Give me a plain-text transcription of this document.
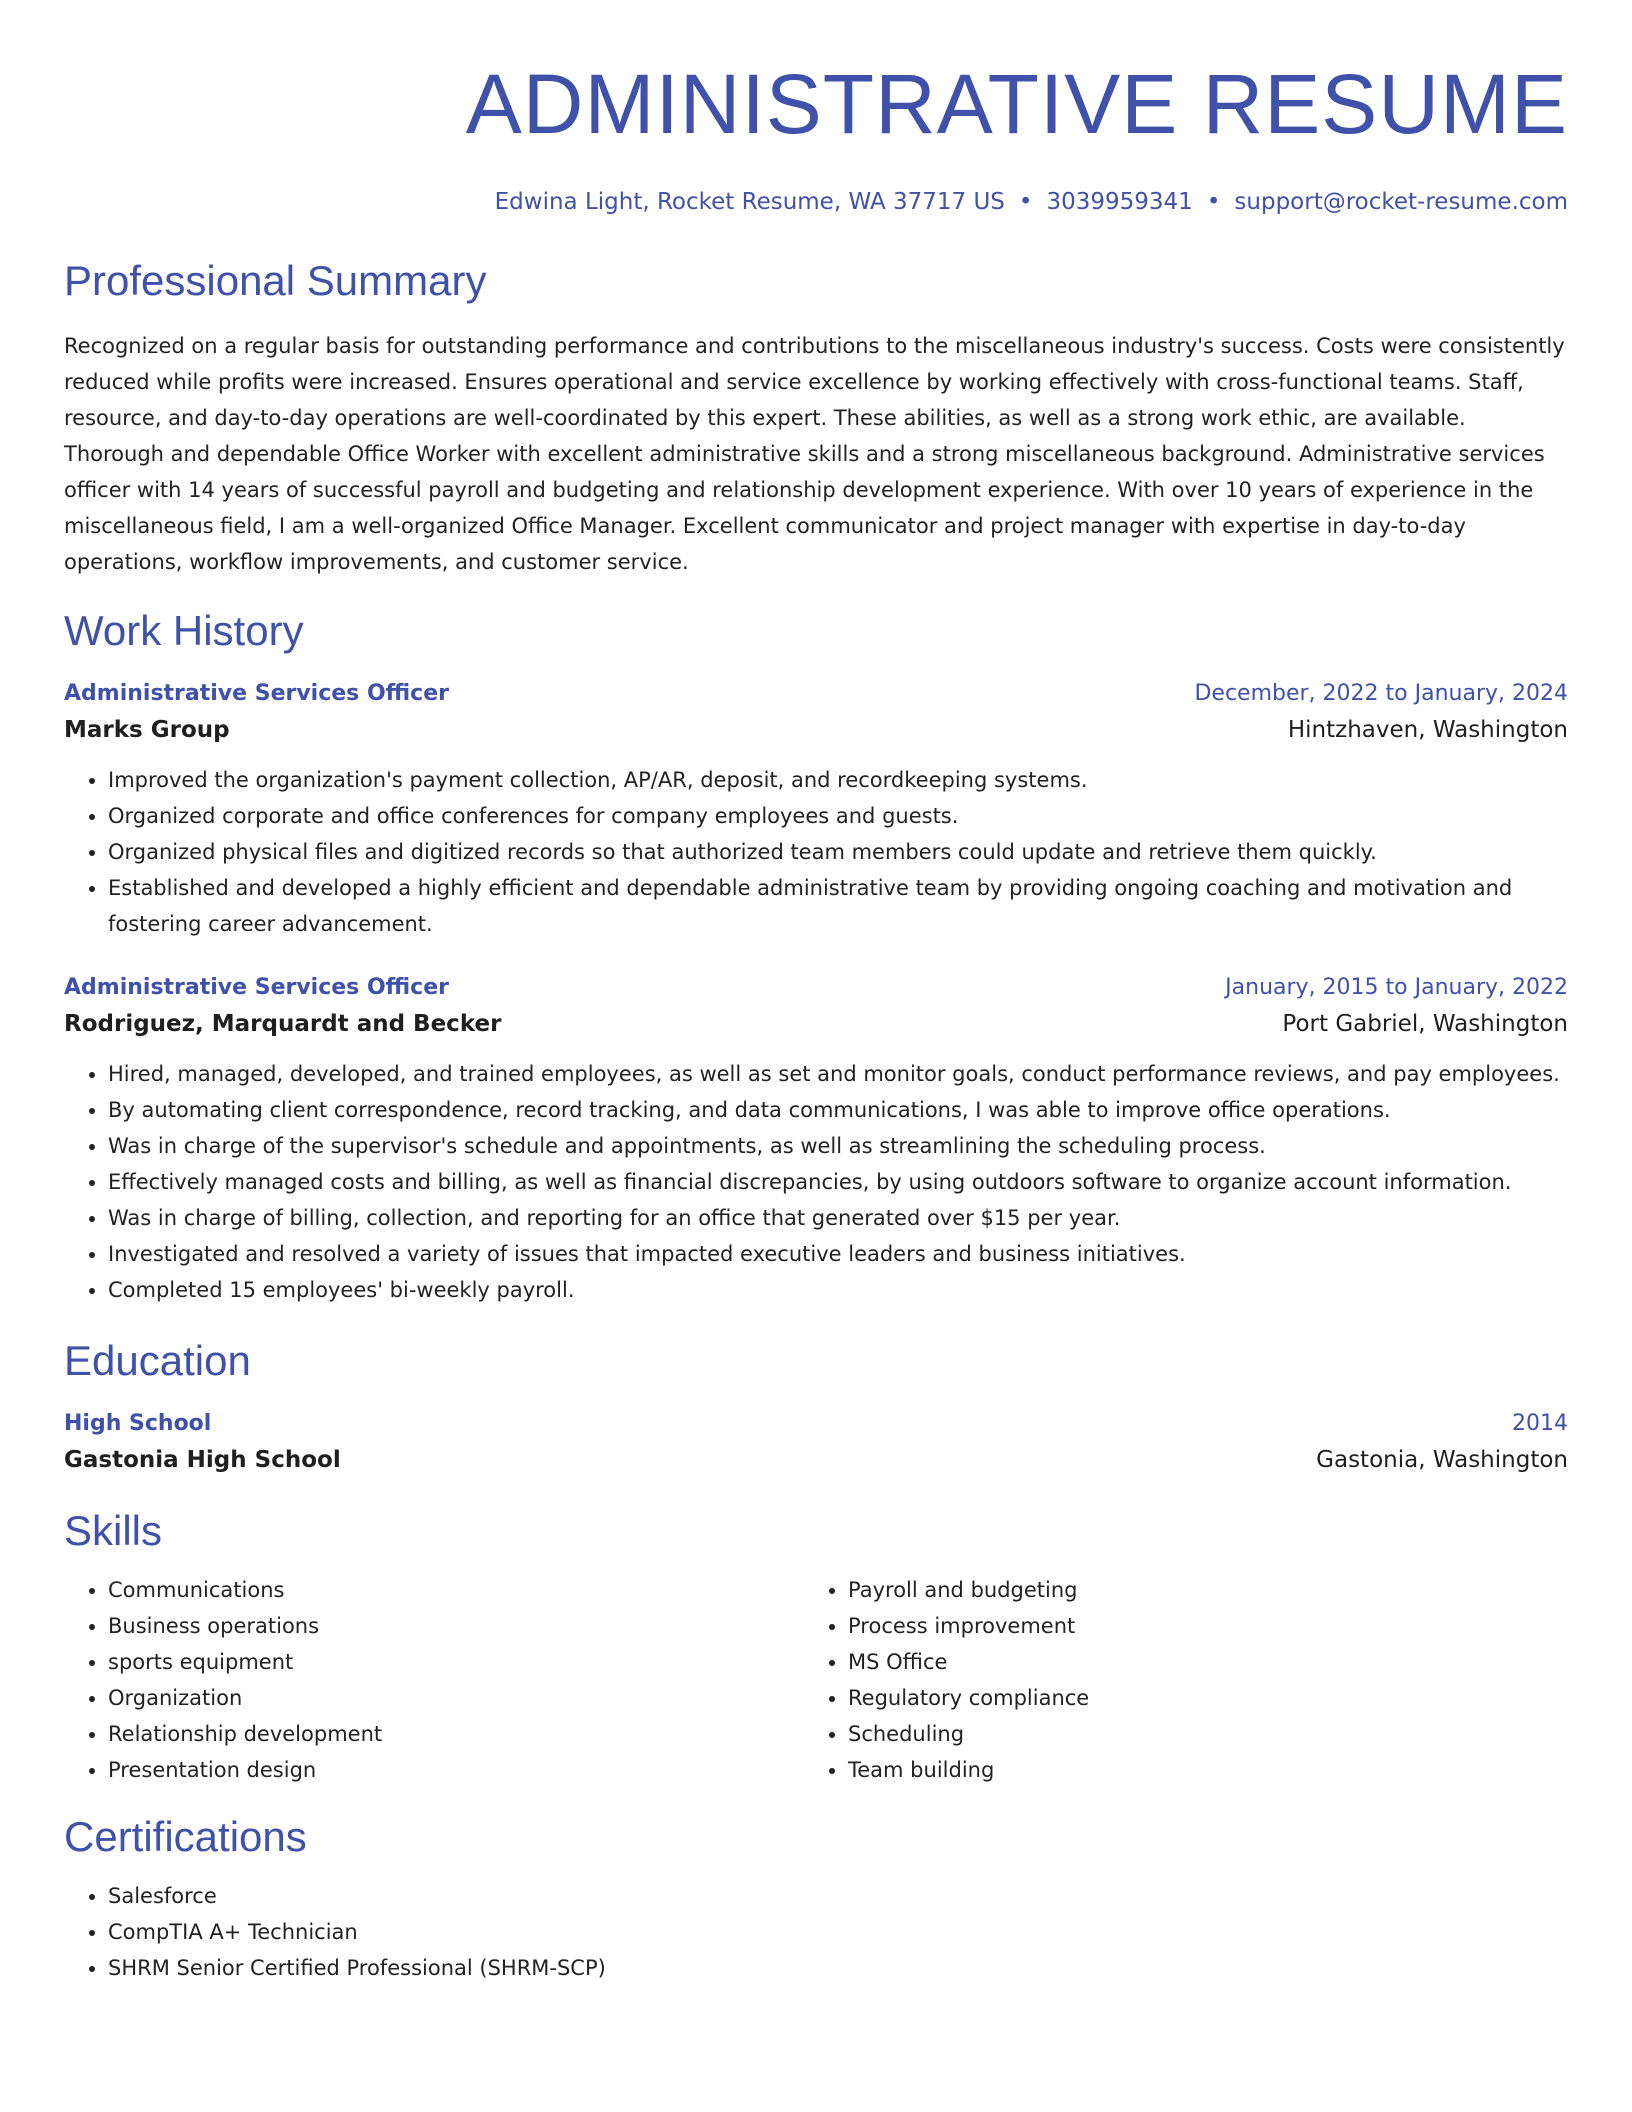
ADMINISTRATIVE RESUME
Edwina Light, Rocket Resume, WA 37717 US • 3039959341 • support@rocket-resume.com
Professional Summary
Recognized on a regular basis for outstanding performance and contributions to the miscellaneous industry's success. Costs were consistently reduced while profits were increased. Ensures operational and service excellence by working effectively with cross-functional teams. Staff, resource, and day-to-day operations are well-coordinated by this expert. These abilities, as well as a strong work ethic, are available. Thorough and dependable Office Worker with excellent administrative skills and a strong miscellaneous background. Administrative services officer with 14 years of successful payroll and budgeting and relationship development experience. With over 10 years of experience in the miscellaneous field, I am a well-organized Office Manager. Excellent communicator and project manager with expertise in day-to-day operations, workflow improvements, and customer service.
Work History
Administrative Services Officer	December, 2022 to January, 2024
Marks Group	Hintzhaven, Washington
• Improved the organization's payment collection, AP/AR, deposit, and recordkeeping systems.
• Organized corporate and office conferences for company employees and guests.
• Organized physical files and digitized records so that authorized team members could update and retrieve them quickly.
• Established and developed a highly efficient and dependable administrative team by providing ongoing coaching and motivation and fostering career advancement.
Administrative Services Officer	January, 2015 to January, 2022
Rodriguez, Marquardt and Becker	Port Gabriel, Washington
• Hired, managed, developed, and trained employees, as well as set and monitor goals, conduct performance reviews, and pay employees.
• By automating client correspondence, record tracking, and data communications, I was able to improve office operations.
• Was in charge of the supervisor's schedule and appointments, as well as streamlining the scheduling process.
• Effectively managed costs and billing, as well as financial discrepancies, by using outdoors software to organize account information.
• Was in charge of billing, collection, and reporting for an office that generated over $15 per year.
• Investigated and resolved a variety of issues that impacted executive leaders and business initiatives.
• Completed 15 employees' bi-weekly payroll.
Education
High School	2014
Gastonia High School	Gastonia, Washington
Skills
• Communications
• Business operations
• sports equipment
• Organization
• Relationship development
• Presentation design
• Payroll and budgeting
• Process improvement
• MS Office
• Regulatory compliance
• Scheduling
• Team building
Certifications
• Salesforce
• CompTIA A+ Technician
• SHRM Senior Certified Professional (SHRM-SCP)
